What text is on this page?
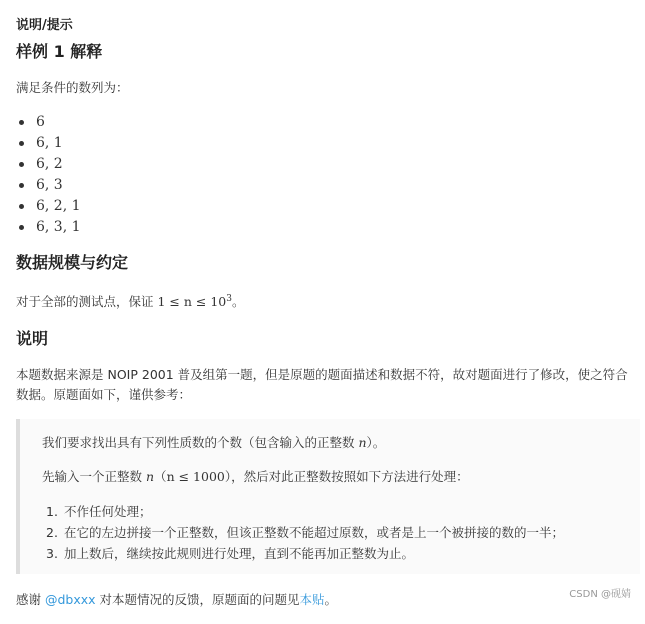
说明/提示
样例 1 解释

满足条件的数列为：

6
6, 1
6, 2
6, 3
6, 2, 1
6, 3, 1
数据规模与约定

对于全部的测试点，保证 $1 \le n \le 10^3$。

说明

本题数据来源是 NOIP 2001 普及组第一题，但是原题的题面描述和数据不符，故对题面进行了修改，使之符合数据。原题面如下，谨供参考：

我们要求找出具有下列性质数的个数（包含输入的正整数 n）。

先输入一个正整数 n（n ≤ 1000），然后对此正整数按照如下方法进行处理：

1. 不作任何处理；
2. 在它的左边拼接一个正整数，但该正整数不能超过原数，或者是上一个被拼接的数的一半；
3. 加上数后，继续按此规则进行处理，直到不能再加正整数为止。

感谢 @dbxxx 对本题情况的反馈，原题面的问题见本贴。	CSDN @砚婧
